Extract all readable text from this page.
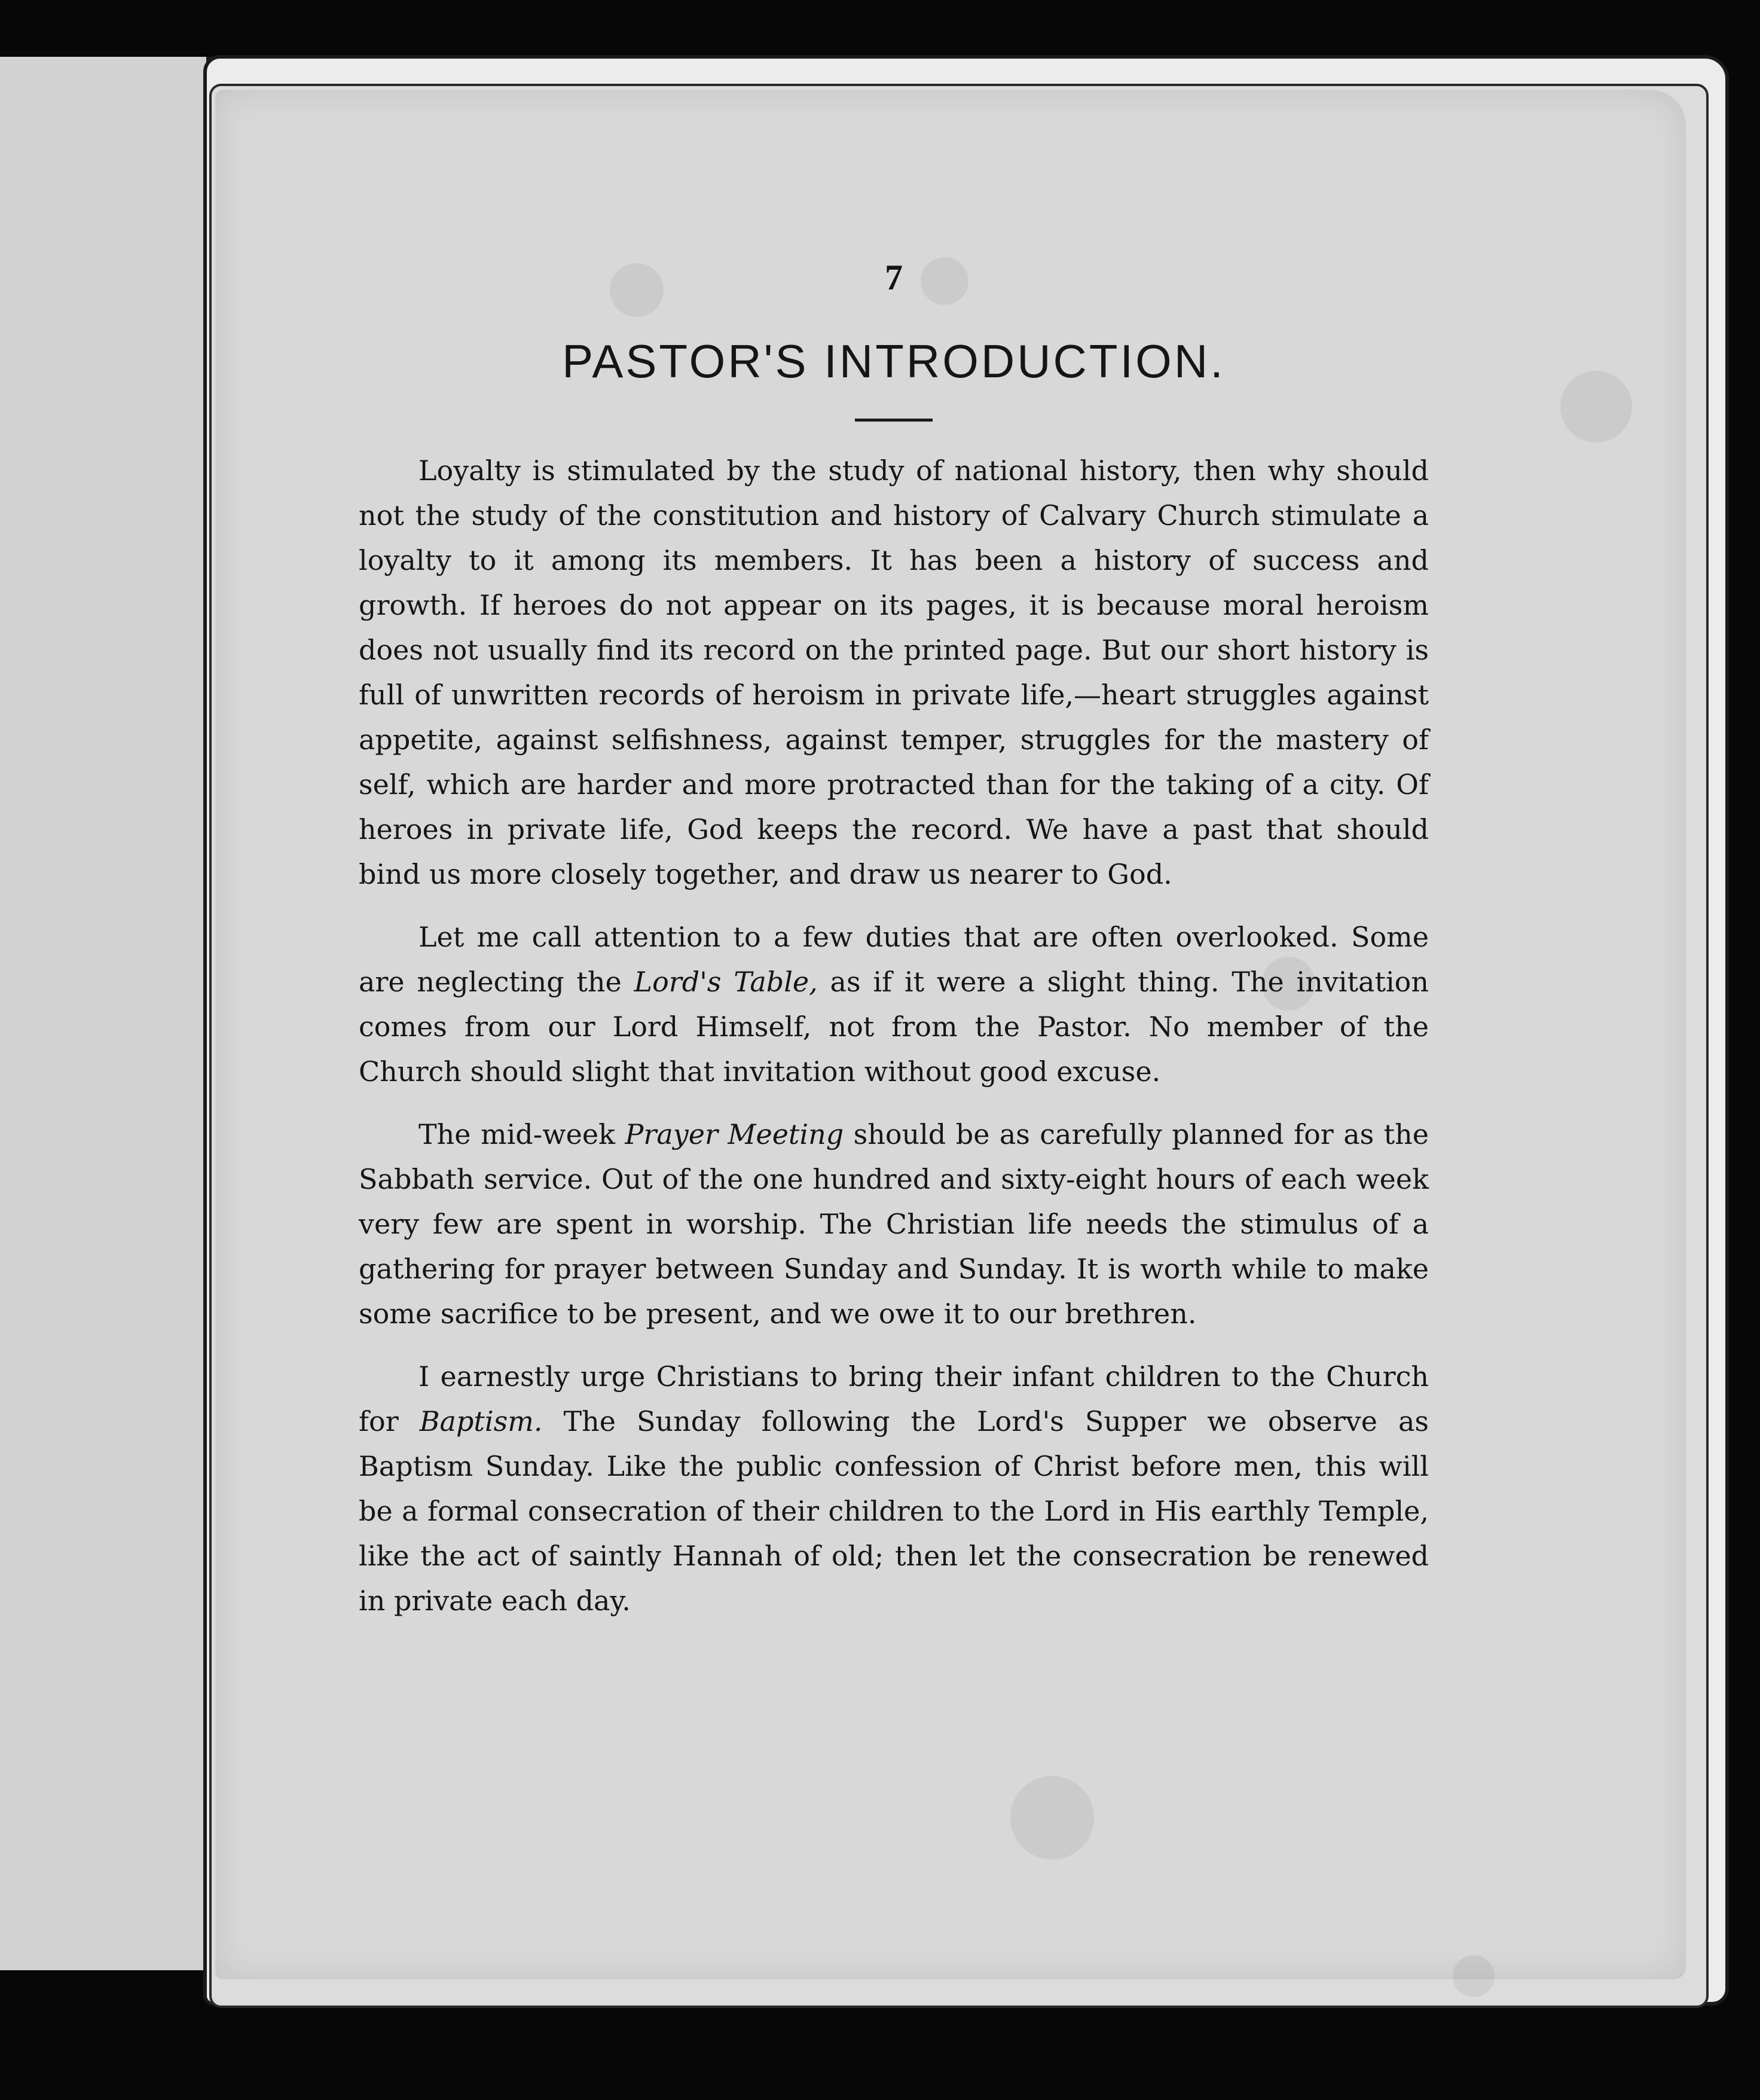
7
PASTOR'S INTRODUCTION.

Loyalty is stimulated by the study of national history, then why should not the study of the constitution and history of Calvary Church stimulate a loyalty to it among its members. It has been a history of success and growth. If heroes do not appear on its pages, it is because moral heroism does not usually find its record on the printed page. But our short history is full of unwritten records of heroism in private life,—heart struggles against appetite, against selfishness, against temper, struggles for the mastery of self, which are harder and more protracted than for the taking of a city. Of heroes in private life, God keeps the record. We have a past that should bind us more closely together, and draw us nearer to God.

Let me call attention to a few duties that are often overlooked. Some are neglecting the Lord's Table, as if it were a slight thing. The invitation comes from our Lord Himself, not from the Pastor. No member of the Church should slight that invitation without good excuse.

The mid-week Prayer Meeting should be as carefully planned for as the Sabbath service. Out of the one hundred and sixty-eight hours of each week very few are spent in worship. The Christian life needs the stimulus of a gathering for prayer between Sunday and Sunday. It is worth while to make some sacrifice to be present, and we owe it to our brethren.

I earnestly urge Christians to bring their infant children to the Church for Baptism. The Sunday following the Lord's Supper we observe as Baptism Sunday. Like the public confession of Christ before men, this will be a formal consecration of their children to the Lord in His earthly Temple, like the act of saintly Hannah of old; then let the consecration be renewed in private each day.
